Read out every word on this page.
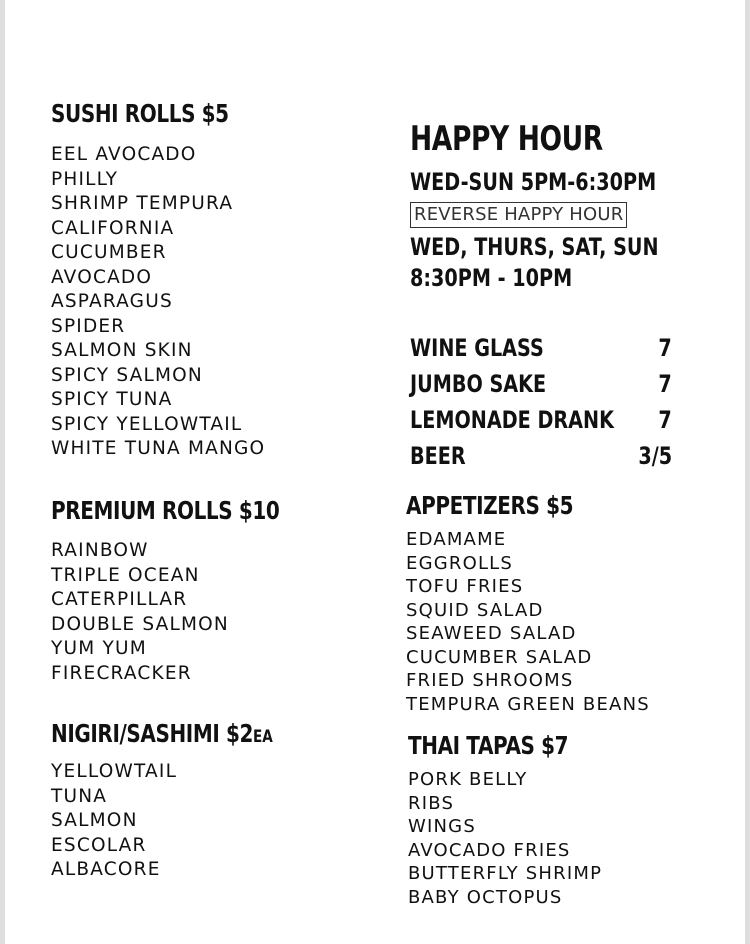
SUSHI ROLLS $5
EEL AVOCADO
PHILLY
SHRIMP TEMPURA
CALIFORNIA
CUCUMBER
AVOCADO
ASPARAGUS
SPIDER
SALMON SKIN
SPICY SALMON
SPICY TUNA
SPICY YELLOWTAIL
WHITE TUNA MANGO
PREMIUM ROLLS $10
RAINBOW
TRIPLE OCEAN
CATERPILLAR
DOUBLE SALMON
YUM YUM
FIRECRACKER
NIGIRI/SASHIMI $2EA
YELLOWTAIL
TUNA
SALMON
ESCOLAR
ALBACORE
HAPPY HOUR
WED-SUN 5PM-6:30PM
REVERSE HAPPY HOUR
WED, THURS, SAT, SUN
8:30PM - 10PM
WINE GLASS	7
JUMBO SAKE	7
LEMONADE DRANK 7
BEER	3/5
APPETIZERS $5
EDAMAME
EGGROLLS
TOFU FRIES
SQUID SALAD
SEAWEED SALAD
CUCUMBER SALAD
FRIED SHROOMS
TEMPURA GREEN BEANS
THAI TAPAS $7
PORK BELLY
RIBS
WINGS
AVOCADO FRIES
BUTTERFLY SHRIMP
BABY OCTOPUS
